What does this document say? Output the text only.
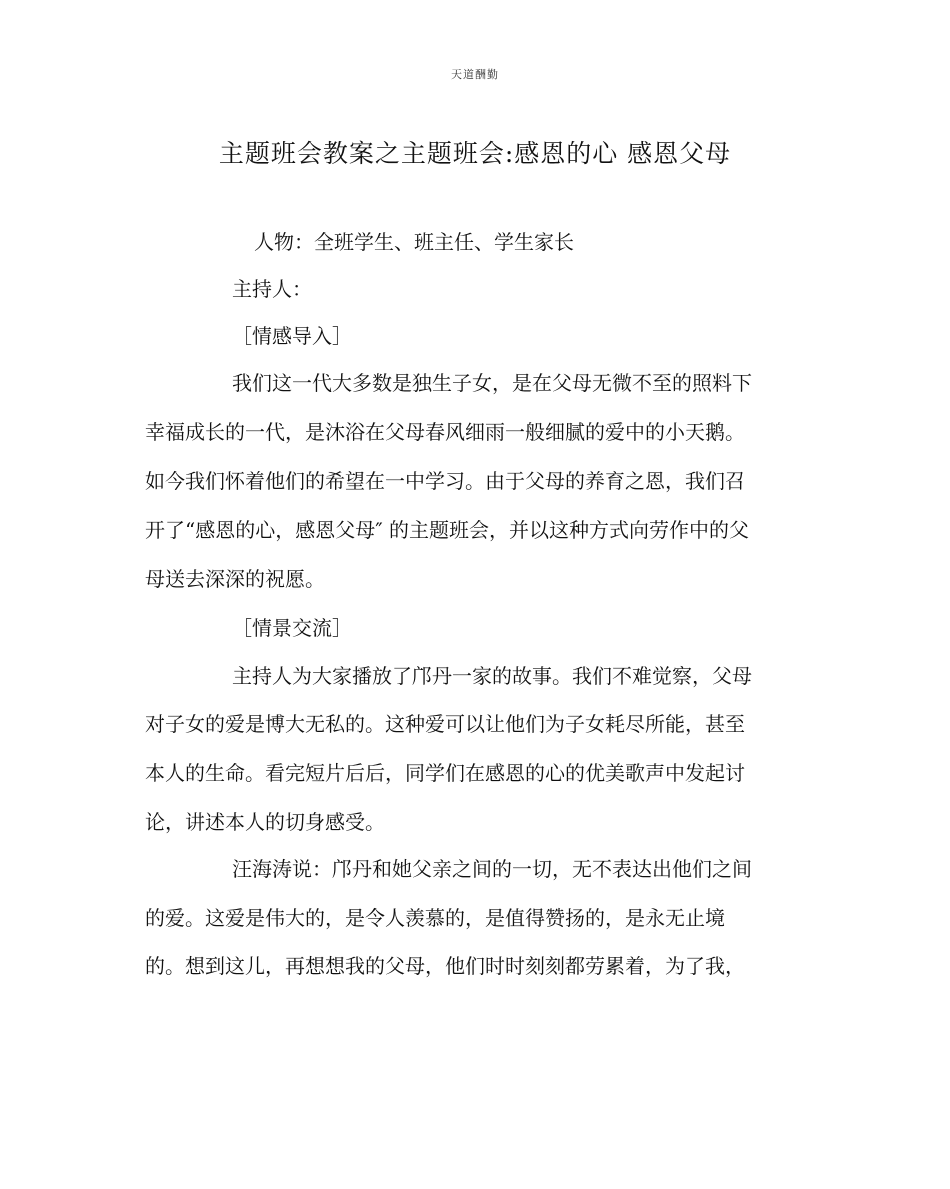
天道酬勤
主题班会教案之主题班会:感恩的心 感恩父母
人物：全班学生、班主任、学生家长
主持人：
［情感导入］
我们这一代大多数是独生子女，是在父母无微不至的照料下
幸福成长的一代，是沐浴在父母春风细雨一般细腻的爱中的小天鹅。
如今我们怀着他们的希望在一中学习。由于父母的养育之恩，我们召
开了“感恩的心，感恩父母″ 的主题班会，并以这种方式向劳作中的父
母送去深深的祝愿。
［情景交流］
主持人为大家播放了邝丹一家的故事。我们不难觉察，父母
对子女的爱是博大无私的。这种爱可以让他们为子女耗尽所能，甚至
本人的生命。看完短片后后，同学们在感恩的心的优美歌声中发起讨
论，讲述本人的切身感受。
汪海涛说：邝丹和她父亲之间的一切，无不表达出他们之间
的爱。这爱是伟大的，是令人羡慕的，是值得赞扬的，是永无止境
的。想到这儿，再想想我的父母，他们时时刻刻都劳累着，为了我，
